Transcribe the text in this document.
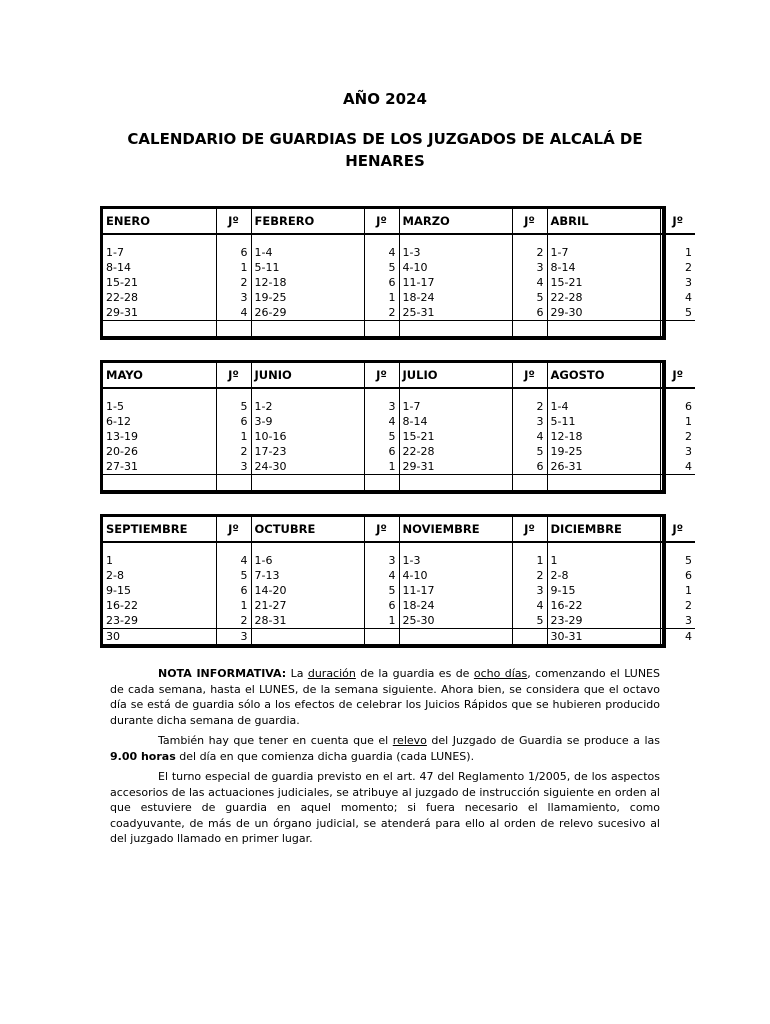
AÑO 2024
CALENDARIO DE GUARDIAS DE LOS JUZGADOS DE ALCALÁ DE HENARES
ENERO	Jº	FEBRERO	Jº	MARZO	Jº	ABRIL	Jº

1-7	6	1-4	4	1-3	2	1-7	1
8-14	1	5-11	5	4-10	3	8-14	2
15-21	2	12-18	6	11-17	4	15-21	3
22-28	3	19-25	1	18-24	5	22-28	4
29-31	4	26-29	2	25-31	6	29-30	5

MAYO	Jº	JUNIO	Jº	JULIO	Jº	AGOSTO	Jº

1-5	5	1-2	3	1-7	2	1-4	6
6-12	6	3-9	4	8-14	3	5-11	1
13-19	1	10-16	5	15-21	4	12-18	2
20-26	2	17-23	6	22-28	5	19-25	3
27-31	3	24-30	1	29-31	6	26-31	4

SEPTIEMBRE	Jº	OCTUBRE	Jº	NOVIEMBRE	Jº	DICIEMBRE	Jº

1	4	1-6	3	1-3	1	1	5
2-8	5	7-13	4	4-10	2	2-8	6
9-15	6	14-20	5	11-17	3	9-15	1
16-22	1	21-27	6	18-24	4	16-22	2
23-29	2	28-31	1	25-30	5	23-29	3
30	3					30-31	4

NOTA INFORMATIVA: La duración de la guardia es de ocho días, comenzando el LUNES de cada semana, hasta el LUNES, de la semana siguiente. Ahora bien, se considera que el octavo día se está de guardia sólo a los efectos de celebrar los Juicios Rápidos que se hubieren producido durante dicha semana de guardia.

También hay que tener en cuenta que el relevo del Juzgado de Guardia se produce a las 9.00 horas del día en que comienza dicha guardia (cada LUNES).

El turno especial de guardia previsto en el art. 47 del Reglamento 1/2005, de los aspectos accesorios de las actuaciones judiciales, se atribuye al juzgado de instrucción siguiente en orden al que estuviere de guardia en aquel momento; si fuera necesario el llamamiento, como coadyuvante, de más de un órgano judicial, se atenderá para ello al orden de relevo sucesivo al del juzgado llamado en primer lugar.
